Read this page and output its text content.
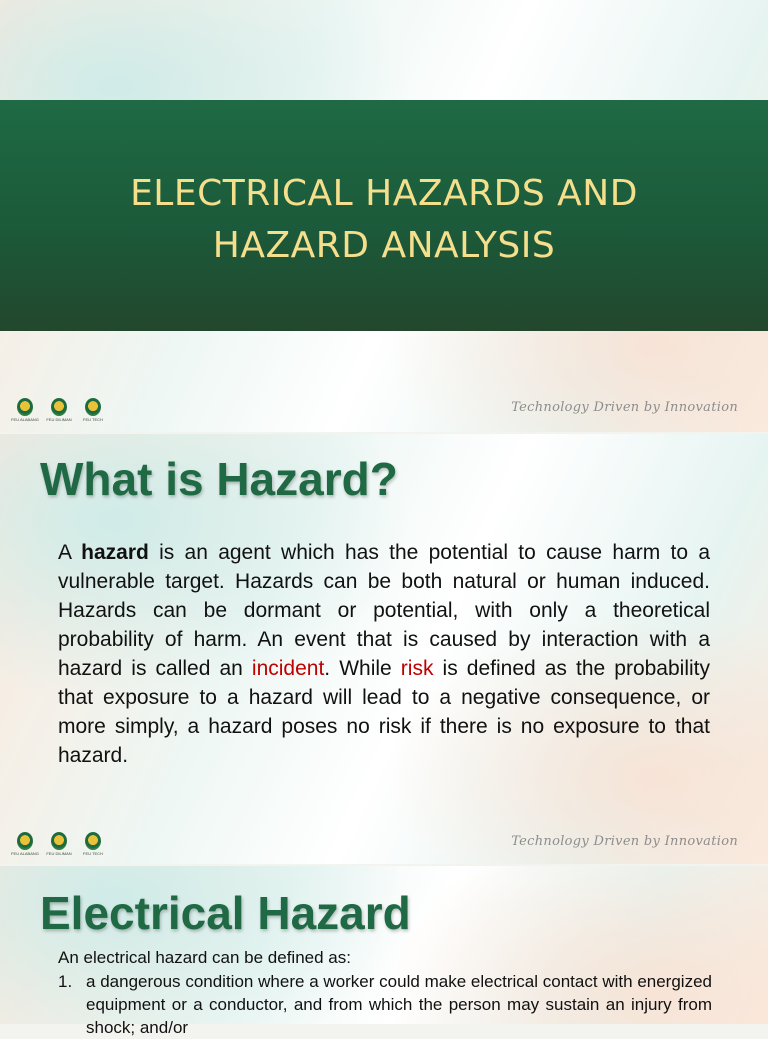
ELECTRICAL HAZARDS AND
HAZARD ANALYSIS
FEU ALABANG FEU DILIMAN	FEU TECH
Technology Driven by Innovation
What is Hazard?

A hazard is an agent which has the potential to cause harm to a vulnerable target. Hazards can be both natural or human induced. Hazards can be dormant or potential, with only a theoretical probability of harm. An event that is caused by interaction with a hazard is called an incident. While risk is defined as the probability that exposure to a hazard will lead to a negative consequence, or more simply, a hazard poses no risk if there is no exposure to that hazard.

FEU ALABANG FEU DILIMAN	FEU TECH
Technology Driven by Innovation
Electrical Hazard

An electrical hazard can be defined as:

1. a dangerous condition where a worker could make electrical contact with energized equipment or a conductor, and from which the person may sustain an injury from shock; and/or
